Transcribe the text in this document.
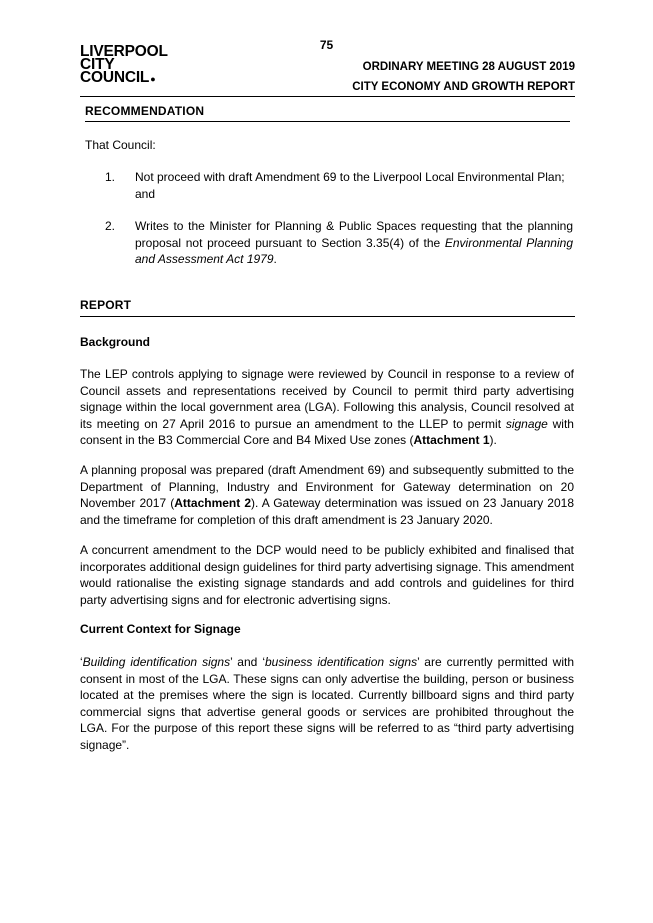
75
LIVERPOOL
CITY
COUNCIL●
ORDINARY MEETING 28 AUGUST 2019
CITY ECONOMY AND GROWTH REPORT
RECOMMENDATION
That Council:
1. Not proceed with draft Amendment 69 to the Liverpool Local Environmental Plan; and
2. Writes to the Minister for Planning & Public Spaces requesting that the planning proposal not proceed pursuant to Section 3.35(4) of the Environmental Planning and Assessment Act 1979.
REPORT
Background
The LEP controls applying to signage were reviewed by Council in response to a review of Council assets and representations received by Council to permit third party advertising signage within the local government area (LGA). Following this analysis, Council resolved at its meeting on 27 April 2016 to pursue an amendment to the LLEP to permit signage with consent in the B3 Commercial Core and B4 Mixed Use zones (Attachment 1).
A planning proposal was prepared (draft Amendment 69) and subsequently submitted to the Department of Planning, Industry and Environment for Gateway determination on 20 November 2017 (Attachment 2). A Gateway determination was issued on 23 January 2018 and the timeframe for completion of this draft amendment is 23 January 2020.
A concurrent amendment to the DCP would need to be publicly exhibited and finalised that incorporates additional design guidelines for third party advertising signage. This amendment would rationalise the existing signage standards and add controls and guidelines for third party advertising signs and for electronic advertising signs.
Current Context for Signage
‘Building identification signs’ and ‘business identification signs’ are currently permitted with consent in most of the LGA. These signs can only advertise the building, person or business located at the premises where the sign is located. Currently billboard signs and third party commercial signs that advertise general goods or services are prohibited throughout the LGA. For the purpose of this report these signs will be referred to as “third party advertising signage”.
